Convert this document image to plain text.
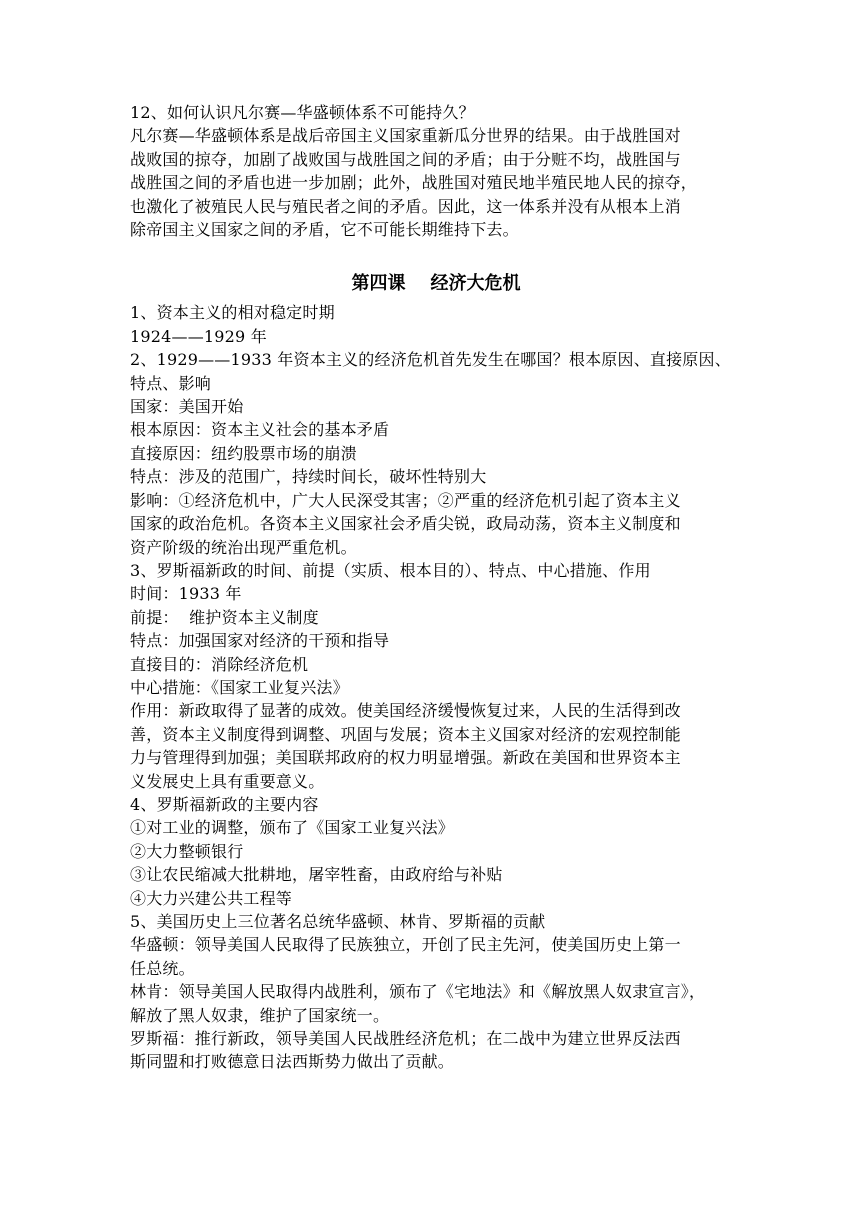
12、如何认识凡尔赛—华盛顿体系不可能持久？
凡尔赛—华盛顿体系是战后帝国主义国家重新瓜分世界的结果。由于战胜国对
战败国的掠夺，加剧了战败国与战胜国之间的矛盾；由于分赃不均，战胜国与
战胜国之间的矛盾也进一步加剧；此外，战胜国对殖民地半殖民地人民的掠夺，
也激化了被殖民人民与殖民者之间的矛盾。因此，这一体系并没有从根本上消
除帝国主义国家之间的矛盾，它不可能长期维持下去。
第四课    经济大危机
1、资本主义的相对稳定时期
1924——1929 年
2、1929——1933 年资本主义的经济危机首先发生在哪国？根本原因、直接原因、
特点、影响
国家：美国开始
根本原因：资本主义社会的基本矛盾
直接原因：纽约股票市场的崩溃
特点：涉及的范围广，持续时间长，破坏性特别大
影响：①经济危机中，广大人民深受其害；②严重的经济危机引起了资本主义
国家的政治危机。各资本主义国家社会矛盾尖锐，政局动荡，资本主义制度和
资产阶级的统治出现严重危机。
3、罗斯福新政的时间、前提（实质、根本目的）、特点、中心措施、作用
时间：1933 年
前提：  维护资本主义制度
特点：加强国家对经济的干预和指导
直接目的：消除经济危机
中心措施：《国家工业复兴法》
作用：新政取得了显著的成效。使美国经济缓慢恢复过来，人民的生活得到改
善，资本主义制度得到调整、巩固与发展；资本主义国家对经济的宏观控制能
力与管理得到加强；美国联邦政府的权力明显增强。新政在美国和世界资本主
义发展史上具有重要意义。
4、罗斯福新政的主要内容
①对工业的调整，颁布了《国家工业复兴法》
②大力整顿银行
③让农民缩减大批耕地，屠宰牲畜，由政府给与补贴
④大力兴建公共工程等
5、美国历史上三位著名总统华盛顿、林肯、罗斯福的贡献
华盛顿：领导美国人民取得了民族独立，开创了民主先河，使美国历史上第一
任总统。
林肯：领导美国人民取得内战胜利，颁布了《宅地法》和《解放黑人奴隶宣言》，
解放了黑人奴隶，维护了国家统一。
罗斯福：推行新政，领导美国人民战胜经济危机；在二战中为建立世界反法西
斯同盟和打败德意日法西斯势力做出了贡献。
